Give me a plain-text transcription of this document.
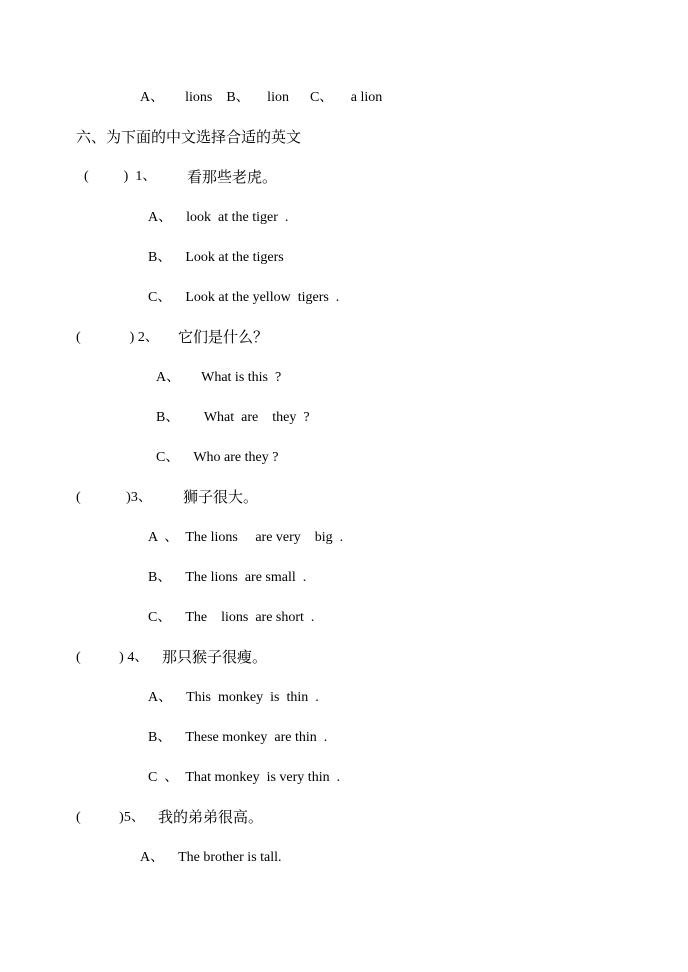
A、      lions    B、     lion      C、     a lion
六、为下面的中文选择合适的英文
(          )  1、 看那些老虎。
A、    look  at the tiger  .
B、    Look at the tigers
C、    Look at the yellow  tigers  .
(              ) 2、 它们是什么？
A、      What is this  ?
B、       What  are    they  ?
C、    Who are they ?
(             )3、 狮子很大。
A  、  The lions     are very    big  .
B、    The lions  are small  .
C、    The    lions  are short  .
(           ) 4、 那只猴子很瘦。
A、    This  monkey  is  thin  .
B、    These monkey  are thin  .
C  、  That monkey  is very thin  .
(           )5、 我的弟弟很高。
A、    The brother is tall.
